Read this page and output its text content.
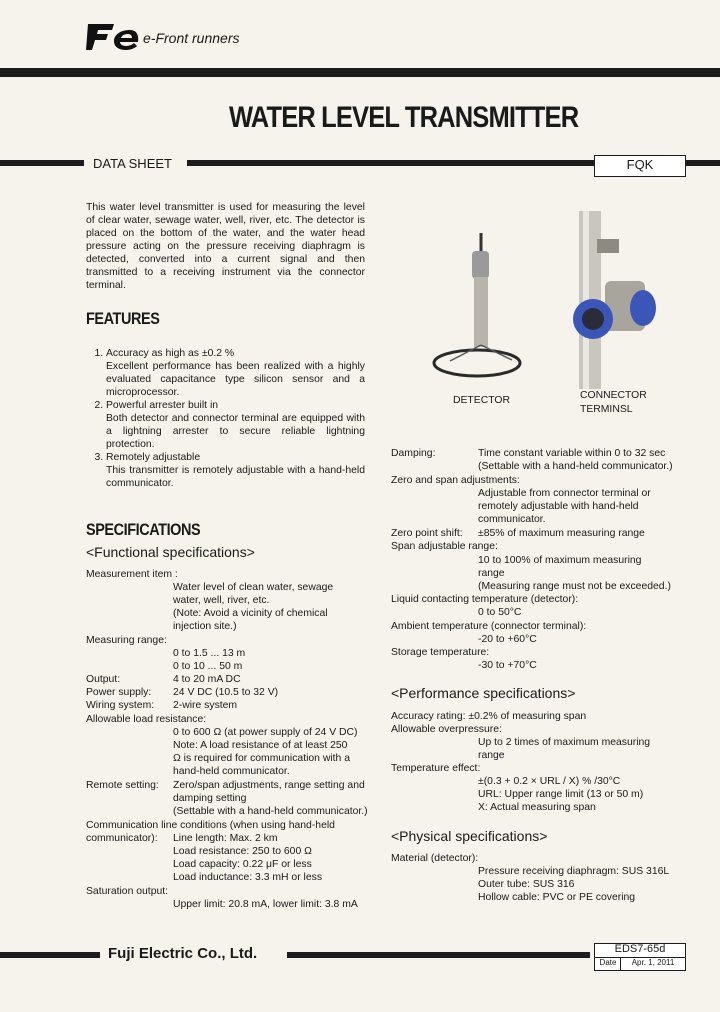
e-Front runners
WATER LEVEL TRANSMITTER
DATA SHEET	FQK
This water level transmitter is used for measuring the level of clear water, sewage water, well, river, etc. The detector is placed on the bottom of the water, and the water head pressure acting on the pressure receiving diaphragm is detected, converted into a current signal and then transmitted to a receiving instrument via the connector terminal.
DETECTOR	CONNECTOR
TERMINSL
FEATURES
1. Accuracy as high as ±0.2 %
Excellent performance has been realized with a highly evaluated capacitance type silicon sensor and a microprocessor.
2. Powerful arrester built in
Both detector and connector terminal are equipped with a lightning arrester to secure reliable lightning protection.
3. Remotely adjustable
This transmitter is remotely adjustable with a hand-held communicator.
SPECIFICATIONS
<Functional specifications>
Measurement item :
Water level of clean water, sewage
water, well, river, etc.
(Note: Avoid a vicinity of chemical
injection site.)
Measuring range:
0 to 1.5 ... 13 m
0 to 10 ... 50 m
Output:	4 to 20 mA DC
Power supply: 24 V DC (10.5 to 32 V)
Wiring system: 2-wire system
Allowable load resistance:
0 to 600 Ω (at power supply of 24 V DC)
Note: A load resistance of at least 250
Ω is required for communication with a
hand-held communicator.
Remote setting: Zero/span adjustments, range setting and
damping setting
(Settable with a hand-held communicator.)
Communication line conditions (when using hand-held
communicator): Line length: Max. 2 km
Load resistance: 250 to 600 Ω
Load capacity: 0.22 μF or less
Load inductance: 3.3 mH or less
Saturation output:
Upper limit: 20.8 mA, lower limit: 3.8 mA
Damping:	Time constant variable within 0 to 32 sec
(Settable with a hand-held communicator.)
Zero and span adjustments:
Adjustable from connector terminal or
remotely adjustable with hand-held
communicator.
Zero point shift: ±85% of maximum measuring range
Span adjustable range:
10 to 100% of maximum measuring
range
(Measuring range must not be exceeded.)
Liquid contacting temperature (detector):
0 to 50°C
Ambient temperature (connector terminal):
-20 to +60°C
Storage temperature:
-30 to +70°C
<Performance specifications>
Accuracy rating: ±0.2% of measuring span
Allowable overpressure:
Up to 2 times of maximum measuring
range
Temperature effect:
±(0.3 + 0.2 × URL / X) % /30°C
URL: Upper range limit (13 or 50 m)
X: Actual measuring span
<Physical specifications>
Material (detector):
Pressure receiving diaphragm: SUS 316L
Outer tube: SUS 316
Hollow cable: PVC or PE covering
Fuji Electric Co., Ltd.	EDS7-65d
Date	Apr. 1, 2011
